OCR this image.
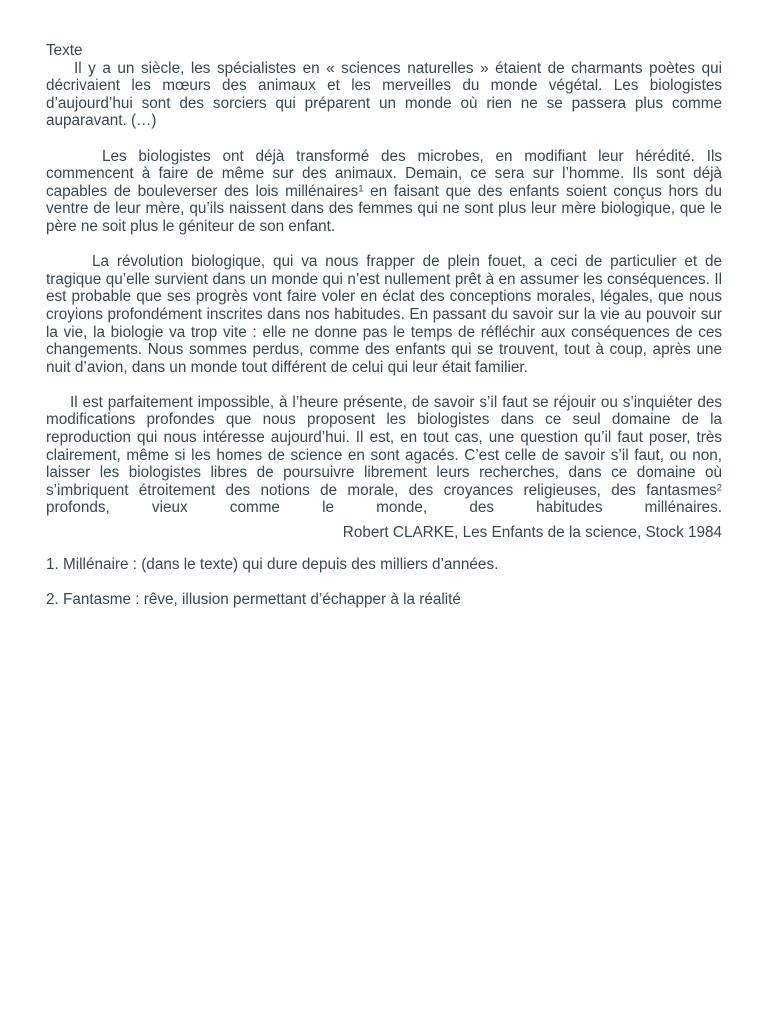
Texte

Il y a un siècle, les spécialistes en « sciences naturelles » étaient de charmants poètes qui décrivaient les mœurs des animaux et les merveilles du monde végétal. Les biologistes d’aujourd’hui sont des sorciers qui préparent un monde où rien ne se passera plus comme auparavant. (…)

Les biologistes ont déjà transformé des microbes, en modifiant leur hérédité. Ils commencent à faire de même sur des animaux. Demain, ce sera sur l’homme. Ils sont déjà capables de bouleverser des lois millénaires$^1$ en faisant que des enfants soient conçus hors du ventre de leur mère, qu’ils naissent dans des femmes qui ne sont plus leur mère biologique, que le père ne soit plus le géniteur de son enfant.

La révolution biologique, qui va nous frapper de plein fouet, a ceci de particulier et de tragique qu’elle survient dans un monde qui n’est nullement prêt à en assumer les conséquences. Il est probable que ses progrès vont faire voler en éclat des conceptions morales, légales, que nous croyions profondément inscrites dans nos habitudes. En passant du savoir sur la vie au pouvoir sur la vie, la biologie va trop vite : elle ne donne pas le temps de réfléchir aux conséquences de ces changements. Nous sommes perdus, comme des enfants qui se trouvent, tout à coup, après une nuit d’avion, dans un monde tout différent de celui qui leur était familier.

Il est parfaitement impossible, à l’heure présente, de savoir s’il faut se réjouir ou s’inquiéter des modifications profondes que nous proposent les biologistes dans ce seul domaine de la reproduction qui nous intéresse aujourd’hui. Il est, en tout cas, une question qu’il faut poser, très clairement, même si les homes de science en sont agacés. C’est celle de savoir s’il faut, ou non, laisser les biologistes libres de poursuivre librement leurs recherches, dans ce domaine où s’imbriquent étroitement des notions de morale, des croyances religieuses, des fantasmes$^2$ profonds, vieux comme le monde, des habitudes millénaires.

Robert CLARKE, Les Enfants de la science, Stock 1984

1. Millénaire : (dans le texte) qui dure depuis des milliers d’années.

2. Fantasme : rêve, illusion permettant d’échapper à la réalité
